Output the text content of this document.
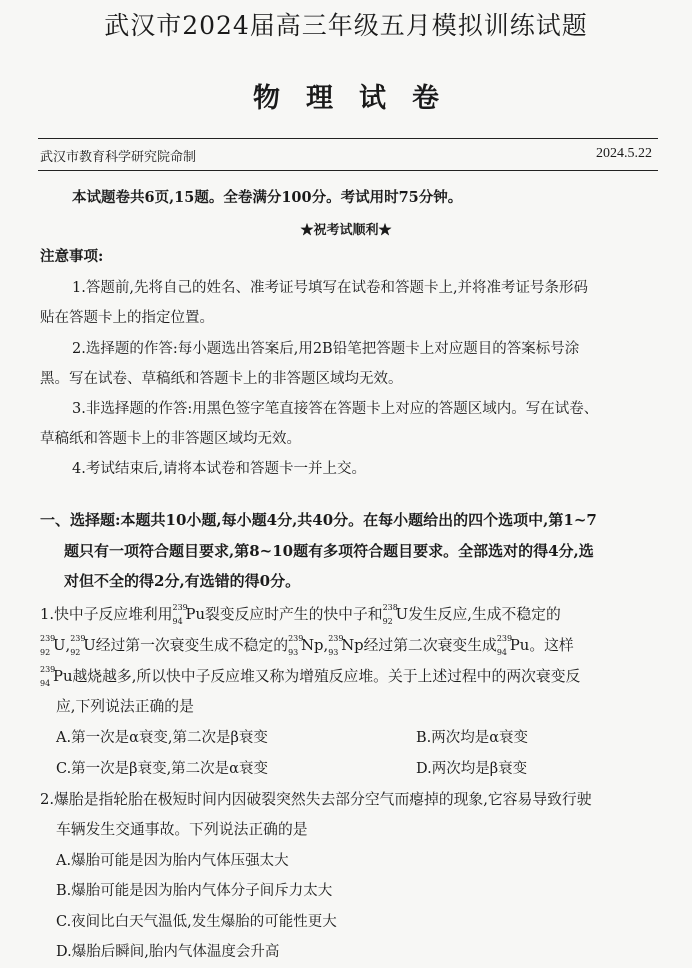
武汉市2024届高三年级五月模拟训练试题
物理试卷
武汉市教育科学研究院命制	2024.5.22
本试题卷共6页,15题。全卷满分100分。考试用时75分钟。
★祝考试顺利★
注意事项:
1.答题前,先将自己的姓名、准考证号填写在试卷和答题卡上,并将准考证号条形码
贴在答题卡上的指定位置。
2.选择题的作答:每小题选出答案后,用2B铅笔把答题卡上对应题目的答案标号涂
黑。写在试卷、草稿纸和答题卡上的非答题区域均无效。
3.非选择题的作答:用黑色签字笔直接答在答题卡上对应的答题区域内。写在试卷、
草稿纸和答题卡上的非答题区域均无效。
4.考试结束后,请将本试卷和答题卡一并上交。
一、选择题:本题共10小题,每小题4分,共40分。在每小题给出的四个选项中,第1~7
题只有一项符合题目要求,第8~10题有多项符合题目要求。全部选对的得4分,选
对但不全的得2分,有选错的得0分。
1.快中子反应堆利用 239
94 Pu裂变反应时产生的快中子和 238
92 U发生反应,生成不稳定的
239
92 U, 239
92 U经过第一次衰变生成不稳定的 239
93 Np, 239
93 Np经过第二次衰变生成 239
94 Pu。这样
239
94 Pu越烧越多,所以快中子反应堆又称为增殖反应堆。关于上述过程中的两次衰变反
应,下列说法正确的是
A.第一次是α衰变,第二次是β衰变	B.两次均是α衰变
C.第一次是β衰变,第二次是α衰变	D.两次均是β衰变
2.爆胎是指轮胎在极短时间内因破裂突然失去部分空气而瘪掉的现象,它容易导致行驶
车辆发生交通事故。下列说法正确的是
A.爆胎可能是因为胎内气体压强太大
B.爆胎可能是因为胎内气体分子间斥力太大
C.夜间比白天气温低,发生爆胎的可能性更大
D.爆胎后瞬间,胎内气体温度会升高
